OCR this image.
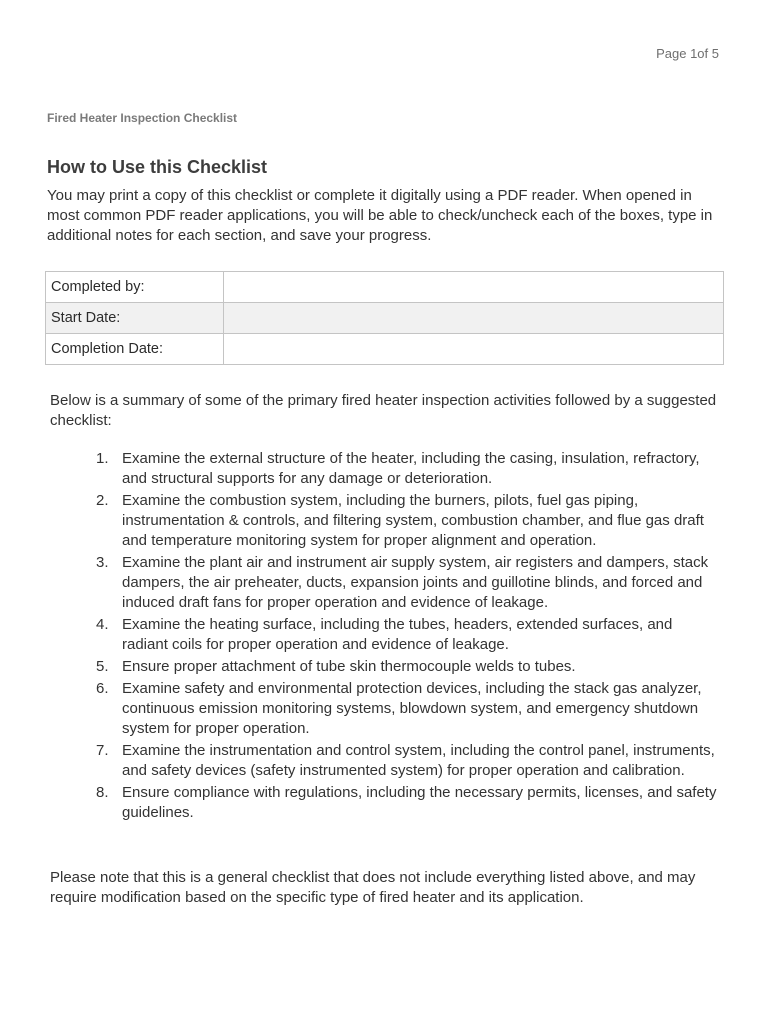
Page 1of 5
Fired Heater Inspection Checklist
How to Use this Checklist

You may print a copy of this checklist or complete it digitally using a PDF reader. When opened in most common PDF reader applications, you will be able to check/uncheck each of the boxes, type in additional notes for each section, and save your progress.

Completed by:	
Start Date:	
Completion Date:	

Below is a summary of some of the primary fired heater inspection activities followed by a suggested checklist:

1. Examine the external structure of the heater, including the casing, insulation, refractory, and structural supports for any damage or deterioration.
2. Examine the combustion system, including the burners, pilots, fuel gas piping, instrumentation & controls, and filtering system, combustion chamber, and flue gas draft and temperature monitoring system for proper alignment and operation.
3. Examine the plant air and instrument air supply system, air registers and dampers, stack dampers, the air preheater, ducts, expansion joints and guillotine blinds, and forced and induced draft fans for proper operation and evidence of leakage.
4. Examine the heating surface, including the tubes, headers, extended surfaces, and radiant coils for proper operation and evidence of leakage.
5. Ensure proper attachment of tube skin thermocouple welds to tubes.
6. Examine safety and environmental protection devices, including the stack gas analyzer, continuous emission monitoring systems, blowdown system, and emergency shutdown system for proper operation.
7. Examine the instrumentation and control system, including the control panel, instruments, and safety devices (safety instrumented system) for proper operation and calibration.
8. Ensure compliance with regulations, including the necessary permits, licenses, and safety guidelines.

Please note that this is a general checklist that does not include everything listed above, and may require modification based on the specific type of fired heater and its application.
